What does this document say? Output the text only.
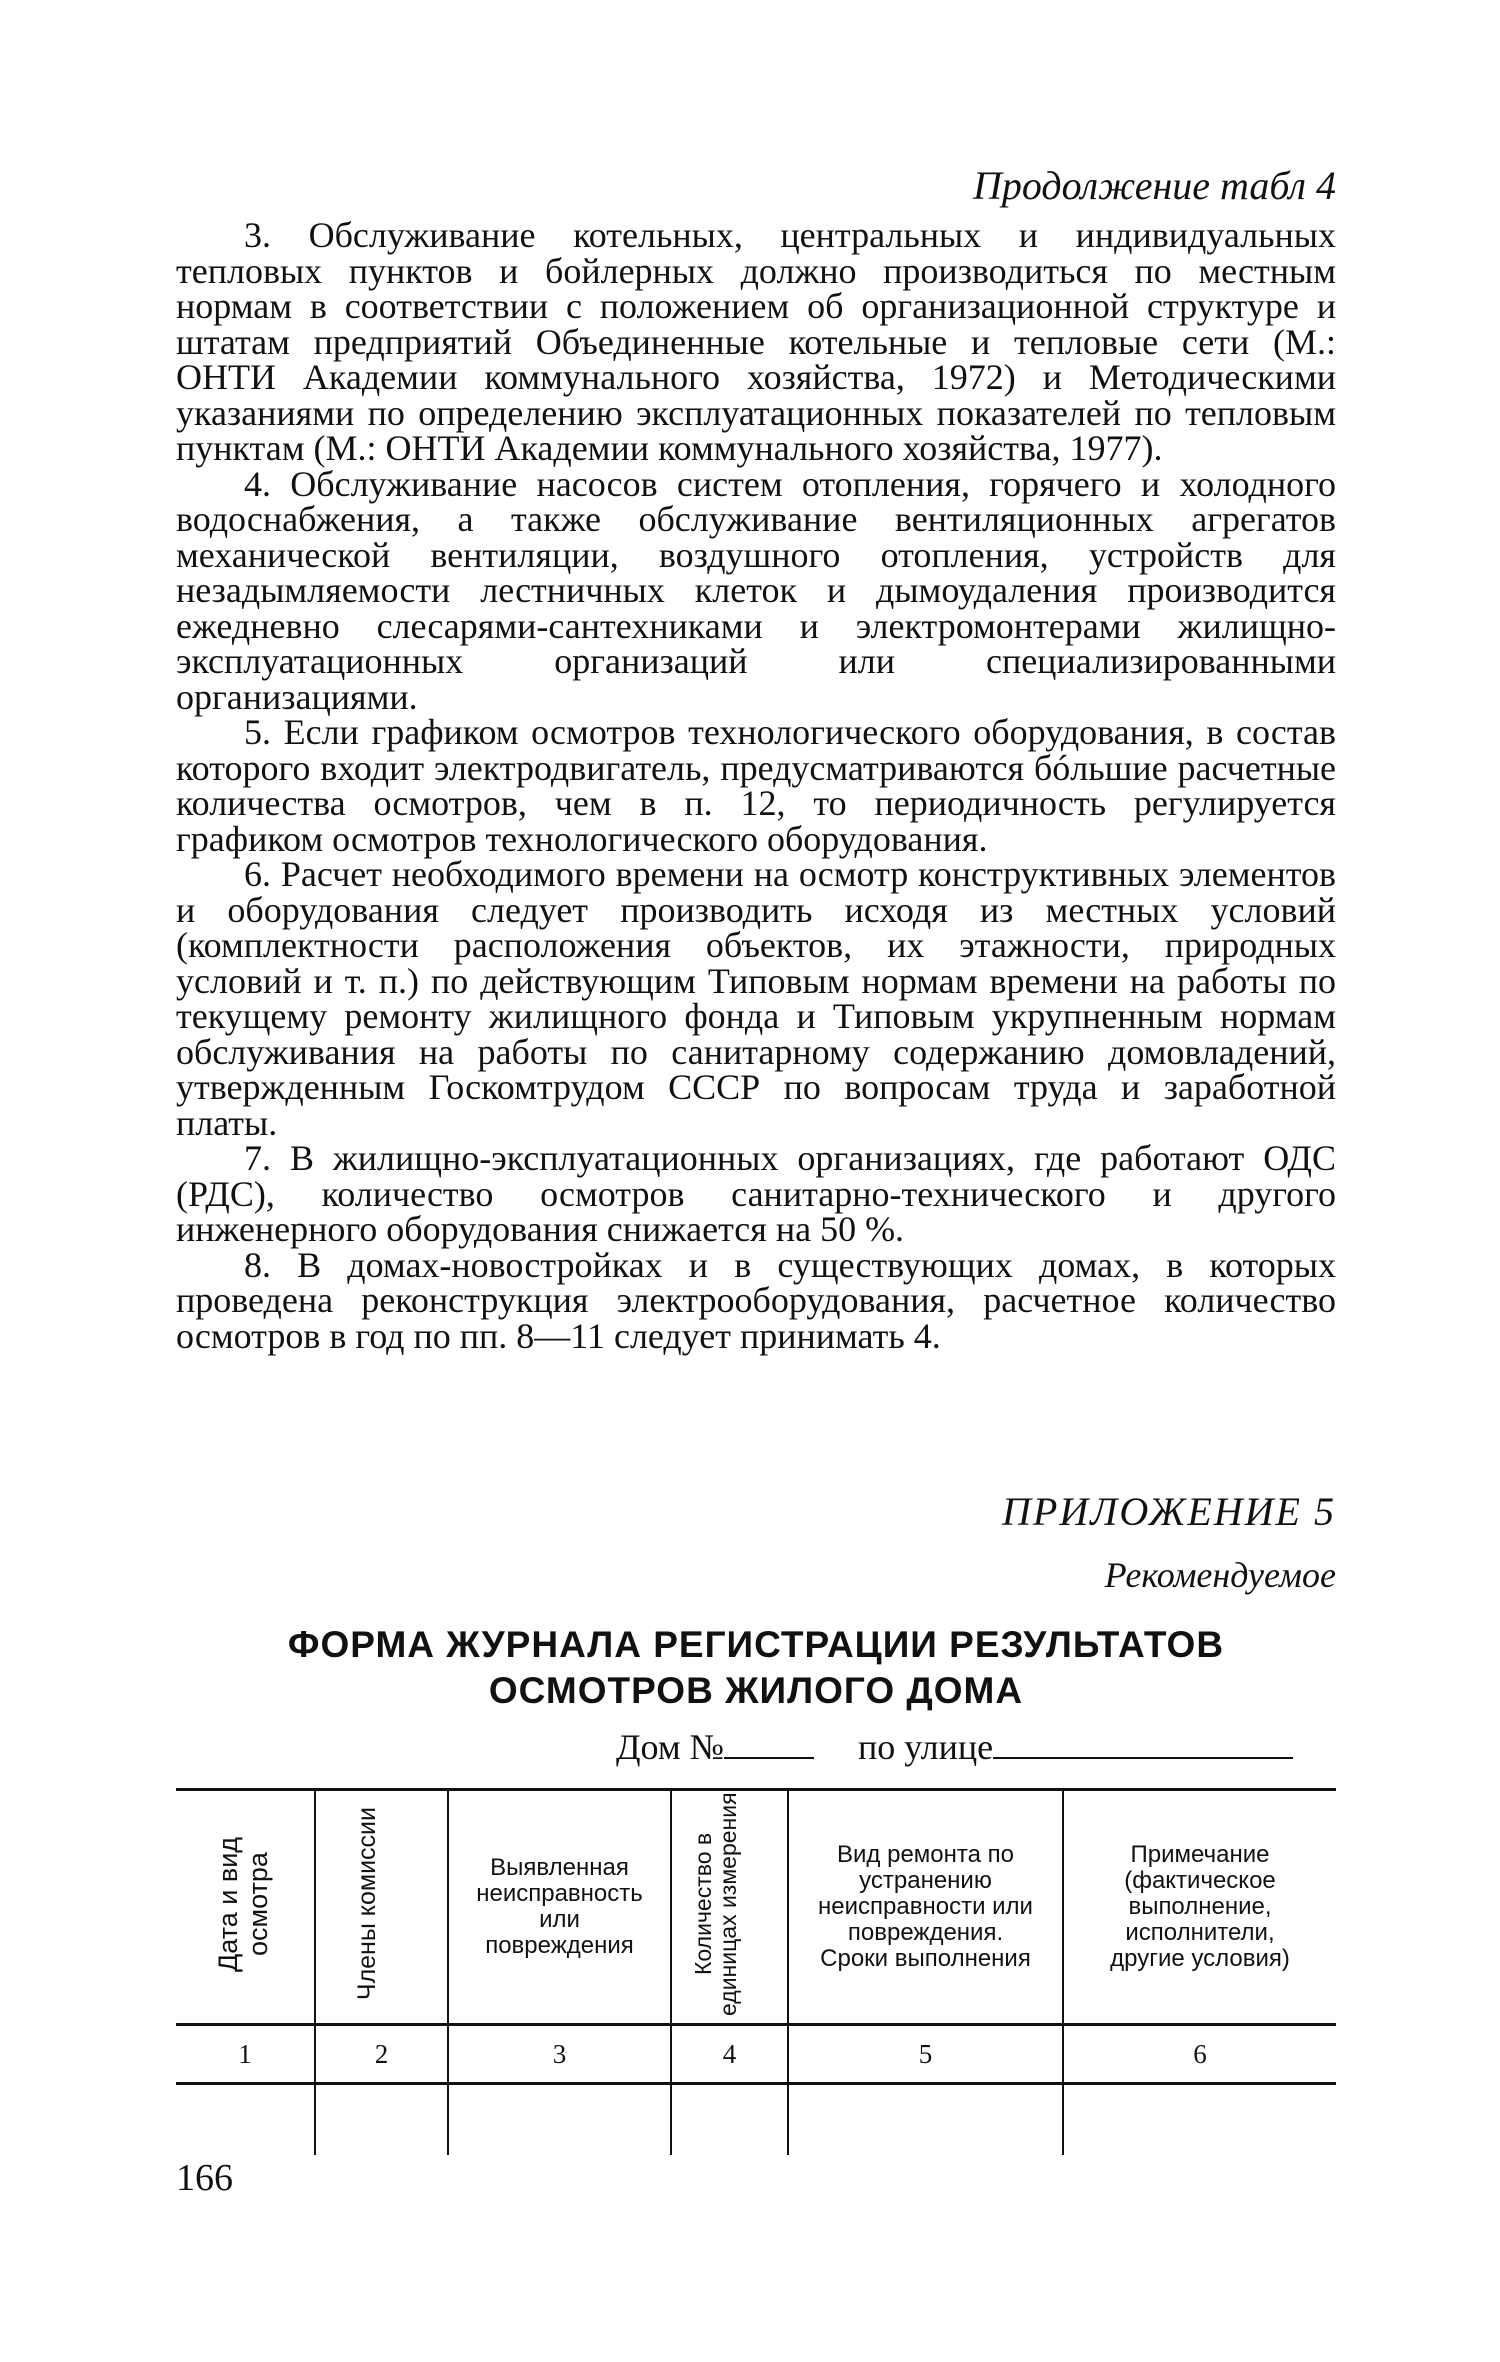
Продолжение табл 4

3. Обслуживание котельных, центральных и индивидуальных тепловых пунктов и бойлерных должно производиться по местным нормам в соответствии с положением об организационной структуре и штатам предприятий Объединенные котельные и тепловые сети (М.: ОНТИ Академии коммунального хозяйства, 1972) и Методическими указаниями по определению эксплуатационных показателей по тепловым пунктам (М.: ОНТИ Академии коммунального хозяйства, 1977).

4. Обслуживание насосов систем отопления, горячего и холодного водоснабжения, а также обслуживание вентиляционных агрегатов механической вентиляции, воздушного отопления, устройств для незадымляемости лестничных клеток и дымоудаления производится ежедневно слесарями-сантехниками и электромонтерами жилищно-эксплуатационных организаций или специализированными организациями.

5. Если графиком осмотров технологического оборудования, в состав которого входит электродвигатель, предусматриваются бóльшие расчетные количества осмотров, чем в п. 12, то периодичность регулируется графиком осмотров технологического оборудования.

6. Расчет необходимого времени на осмотр конструктивных элементов и оборудования следует производить исходя из местных условий (комплектности расположения объектов, их этажности, природных условий и т. п.) по действующим Типовым нормам времени на работы по текущему ремонту жилищного фонда и Типовым укрупненным нормам обслуживания на работы по санитарному содержанию домовладений, утвержденным Госкомтрудом СССР по вопросам труда и заработной платы.

7. В жилищно-эксплуатационных организациях, где работают ОДС (РДС), количество осмотров санитарно-технического и другого инженерного оборудования снижается на 50 %.

8. В домах-новостройках и в существующих домах, в которых проведена реконструкция электрооборудования, расчетное количество осмотров в год по пп. 8—11 следует принимать 4.

ПРИЛОЖЕНИЕ 5
Рекомендуемое
ФОРМА ЖУРНАЛА РЕГИСТРАЦИИ РЕЗУЛЬТАТОВ
ОСМОТРОВ ЖИЛОГО ДОМА
Дом №	по улице
Дата и вид осмотра	Члены комиссии	Выявленная неисправность или повреждения	Количество в единицах измерения	Вид ремонта по устранению неисправности или повреждения. Сроки выполнения	Примечание (фактическое выполнение, исполнители, другие условия)
1	2	3	4	5	6

166
